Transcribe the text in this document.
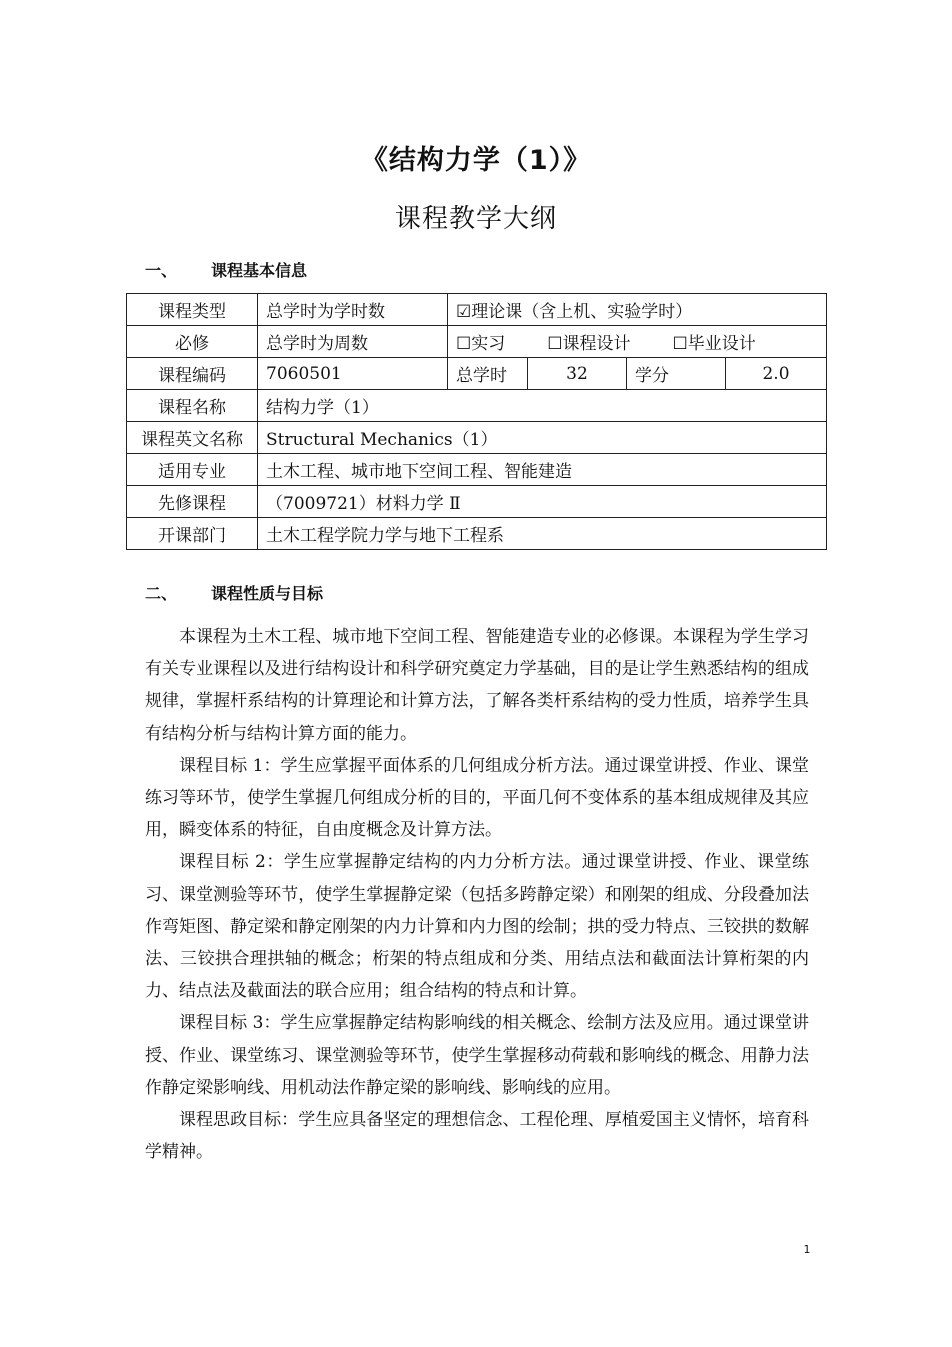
《结构力学（1）》
课程教学大纲
一、 课程基本信息
课程类型	总学时为学时数	☑理论课（含上机、实验学时）			
必修	总学时为周数	☐实习 ☐课程设计 ☐毕业设计			
课程编码	7060501	总学时	32	学分	2.0
课程名称	结构力学（1）				
课程英文名称	Structural Mechanics（1）				
适用专业	土木工程、城市地下空间工程、智能建造				
先修课程	（7009721）材料力学 Ⅱ				
开课部门	土木工程学院力学与地下工程系				
二、 课程性质与目标

本课程为土木工程、城市地下空间工程、智能建造专业的必修课。本课程为学生学习有关专业课程以及进行结构设计和科学研究奠定力学基础，目的是让学生熟悉结构的组成规律，掌握杆系结构的计算理论和计算方法，了解各类杆系结构的受力性质，培养学生具有结构分析与结构计算方面的能力。

课程目标 1：学生应掌握平面体系的几何组成分析方法。通过课堂讲授、作业、课堂练习等环节，使学生掌握几何组成分析的目的，平面几何不变体系的基本组成规律及其应用，瞬变体系的特征，自由度概念及计算方法。

课程目标 2：学生应掌握静定结构的内力分析方法。通过课堂讲授、作业、课堂练习、课堂测验等环节，使学生掌握静定梁（包括多跨静定梁）和刚架的组成、分段叠加法作弯矩图、静定梁和静定刚架的内力计算和内力图的绘制；拱的受力特点、三铰拱的数解法、三铰拱合理拱轴的概念；桁架的特点组成和分类、用结点法和截面法计算桁架的内力、结点法及截面法的联合应用；组合结构的特点和计算。

课程目标 3：学生应掌握静定结构影响线的相关概念、绘制方法及应用。通过课堂讲授、作业、课堂练习、课堂测验等环节，使学生掌握移动荷载和影响线的概念、用静力法作静定梁影响线、用机动法作静定梁的影响线、影响线的应用。

课程思政目标：学生应具备坚定的理想信念、工程伦理、厚植爱国主义情怀，培育科学精神。

1
